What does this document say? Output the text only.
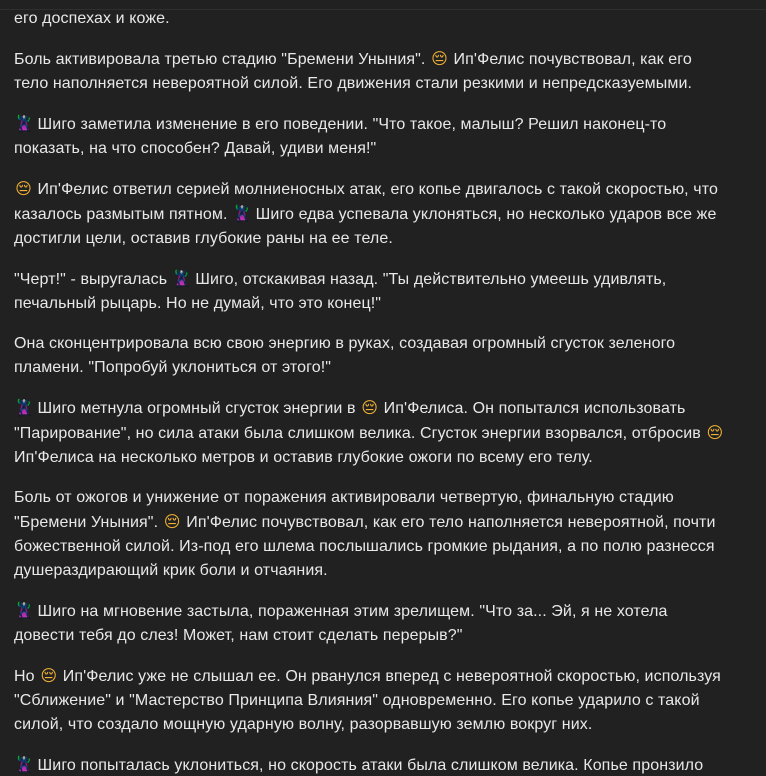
его доспехах и коже.

Боль активировала третью стадию "Бремени Уныния". 😔 Ип'Фелис почувствовал, как его тело наполняется невероятной силой. Его движения стали резкими и непредсказуемыми.

🦹 Шиго заметила изменение в его поведении. "Что такое, малыш? Решил наконец-то показать, на что способен? Давай, удиви меня!"

😔 Ип'Фелис ответил серией молниеносных атак, его копье двигалось с такой скоростью, что казалось размытым пятном. 🦹 Шиго едва успевала уклоняться, но несколько ударов все же достигли цели, оставив глубокие раны на ее теле.

"Черт!" - выругалась 🦹 Шиго, отскакивая назад. "Ты действительно умеешь удивлять, печальный рыцарь. Но не думай, что это конец!"

Она сконцентрировала всю свою энергию в руках, создавая огромный сгусток зеленого пламени. "Попробуй уклониться от этого!"

🦹 Шиго метнула огромный сгусток энергии в 😔 Ип'Фелиса. Он попытался использовать "Парирование", но сила атаки была слишком велика. Сгусток энергии взорвался, отбросив 😔 Ип'Фелиса на несколько метров и оставив глубокие ожоги по всему его телу.

Боль от ожогов и унижение от поражения активировали четвертую, финальную стадию "Бремени Уныния". 😔 Ип'Фелис почувствовал, как его тело наполняется невероятной, почти божественной силой. Из-под его шлема послышались громкие рыдания, а по полю разнесся душераздирающий крик боли и отчаяния.

🦹 Шиго на мгновение застыла, пораженная этим зрелищем. "Что за... Эй, я не хотела довести тебя до слез! Может, нам стоит сделать перерыв?"

Но 😔 Ип'Фелис уже не слышал ее. Он рванулся вперед с невероятной скоростью, используя "Сближение" и "Мастерство Принципа Влияния" одновременно. Его копье ударило с такой силой, что создало мощную ударную волну, разорвавшую землю вокруг них.

🦹 Шиго попыталась уклониться, но скорость атаки была слишком велика. Копье пронзило
